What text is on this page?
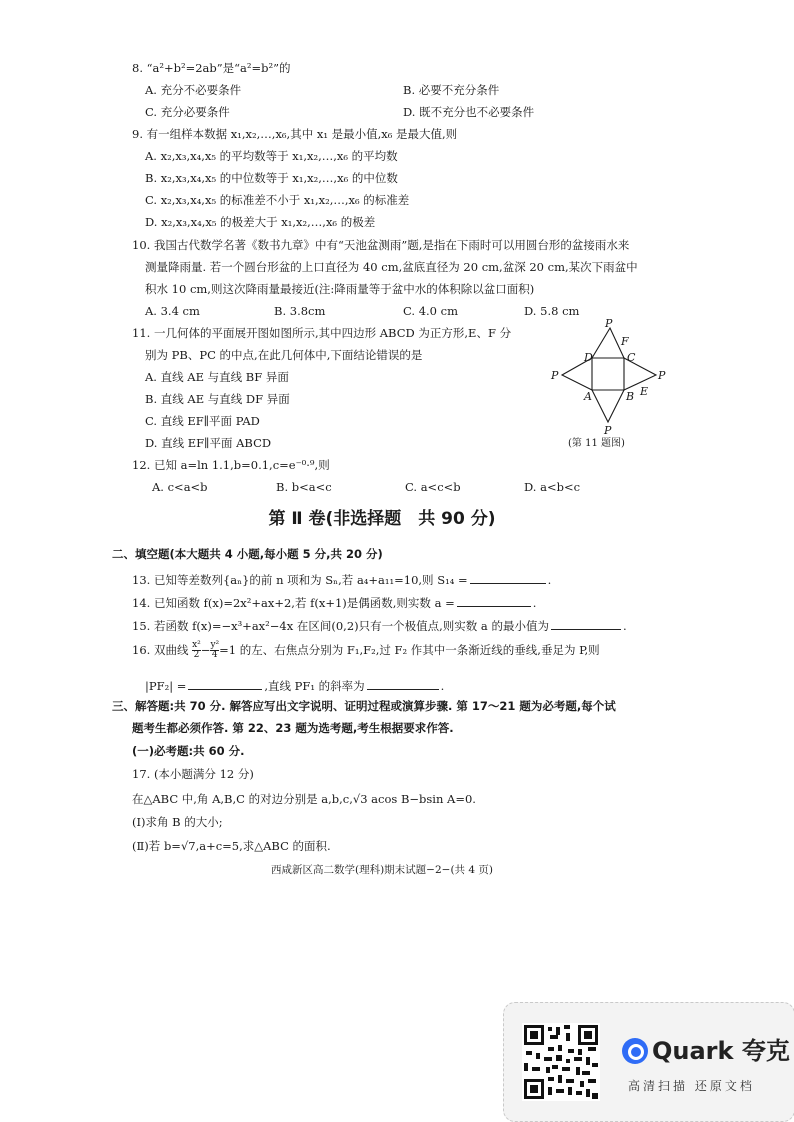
8. “a²+b²=2ab”是“a²=b²”的
A. 充分不必要条件	B. 必要不充分条件
C. 充分必要条件	D. 既不充分也不必要条件
9. 有一组样本数据 x₁,x₂,…,x₆,其中 x₁ 是最小值,x₆ 是最大值,则
A. x₂,x₃,x₄,x₅ 的平均数等于 x₁,x₂,…,x₆ 的平均数
B. x₂,x₃,x₄,x₅ 的中位数等于 x₁,x₂,…,x₆ 的中位数
C. x₂,x₃,x₄,x₅ 的标准差不小于 x₁,x₂,…,x₆ 的标准差
D. x₂,x₃,x₄,x₅ 的极差大于 x₁,x₂,…,x₆ 的极差
10. 我国古代数学名著《数书九章》中有“天池盆测雨”题,是指在下雨时可以用圆台形的盆接雨水来
测量降雨量. 若一个圆台形盆的上口直径为 40 cm,盆底直径为 20 cm,盆深 20 cm,某次下雨盆中
积水 10 cm,则这次降雨量最接近(注:降雨量等于盆中水的体积除以盆口面积)
A. 3.4 cm	B. 3.8cm	C. 4.0 cm	D. 5.8 cm
11. 一几何体的平面展开图如图所示,其中四边形 ABCD 为正方形,E、F 分
别为 PB、PC 的中点,在此几何体中,下面结论错误的是
A. 直线 AE 与直线 BF 异面
B. 直线 AE 与直线 DF 异面
C. 直线 EF∥平面 PAD
D. 直线 EF∥平面 ABCD
P
P	P
P
D	C
A	B
F
E
(第 11 题图)
12. 已知 a=ln 1.1,b=0.1,c=e⁻⁰·⁹,则
A. c<a<b	B. b<a<c	C. a<c<b	D. a<b<c
第 Ⅱ 卷(非选择题　共 90 分)
二、填空题(本大题共 4 小题,每小题 5 分,共 20 分)
13. 已知等差数列{aₙ}的前 n 项和为 Sₙ,若 a₄+a₁₁=10,则 S₁₄ =	.
14. 已知函数 f(x)=2x²+ax+2,若 f(x+1)是偶函数,则实数 a =	.
15. 若函数 f(x)=−x³+ax²−4x 在区间(0,2)只有一个极值点,则实数 a 的最小值为	.
16. 双曲线 $\frac{\text{x²}}{2} - \frac{\text{y²}}{4} =1$ 的左、右焦点分别为 F₁,F₂,过 F₂ 作其中一条渐近线的垂线,垂足为 P,则
|PF₂| =	,直线 PF₁ 的斜率为	.
三、解答题:共 70 分. 解答应写出文字说明、证明过程或演算步骤. 第 17～21 题为必考题,每个试
题考生都必须作答. 第 22、23 题为选考题,考生根据要求作答.
(一)必考题:共 60 分.
17. (本小题满分 12 分)
在△ABC 中,角 A,B,C 的对边分别是 a,b,c,√3 acos B−bsin A=0.
(Ⅰ)求角 B 的大小;
(Ⅱ)若 b=√7,a+c=5,求△ABC 的面积.
西咸新区高二数学(理科)期末试题−2−(共 4 页)
Quark 夸克
高清扫描 还原文档
